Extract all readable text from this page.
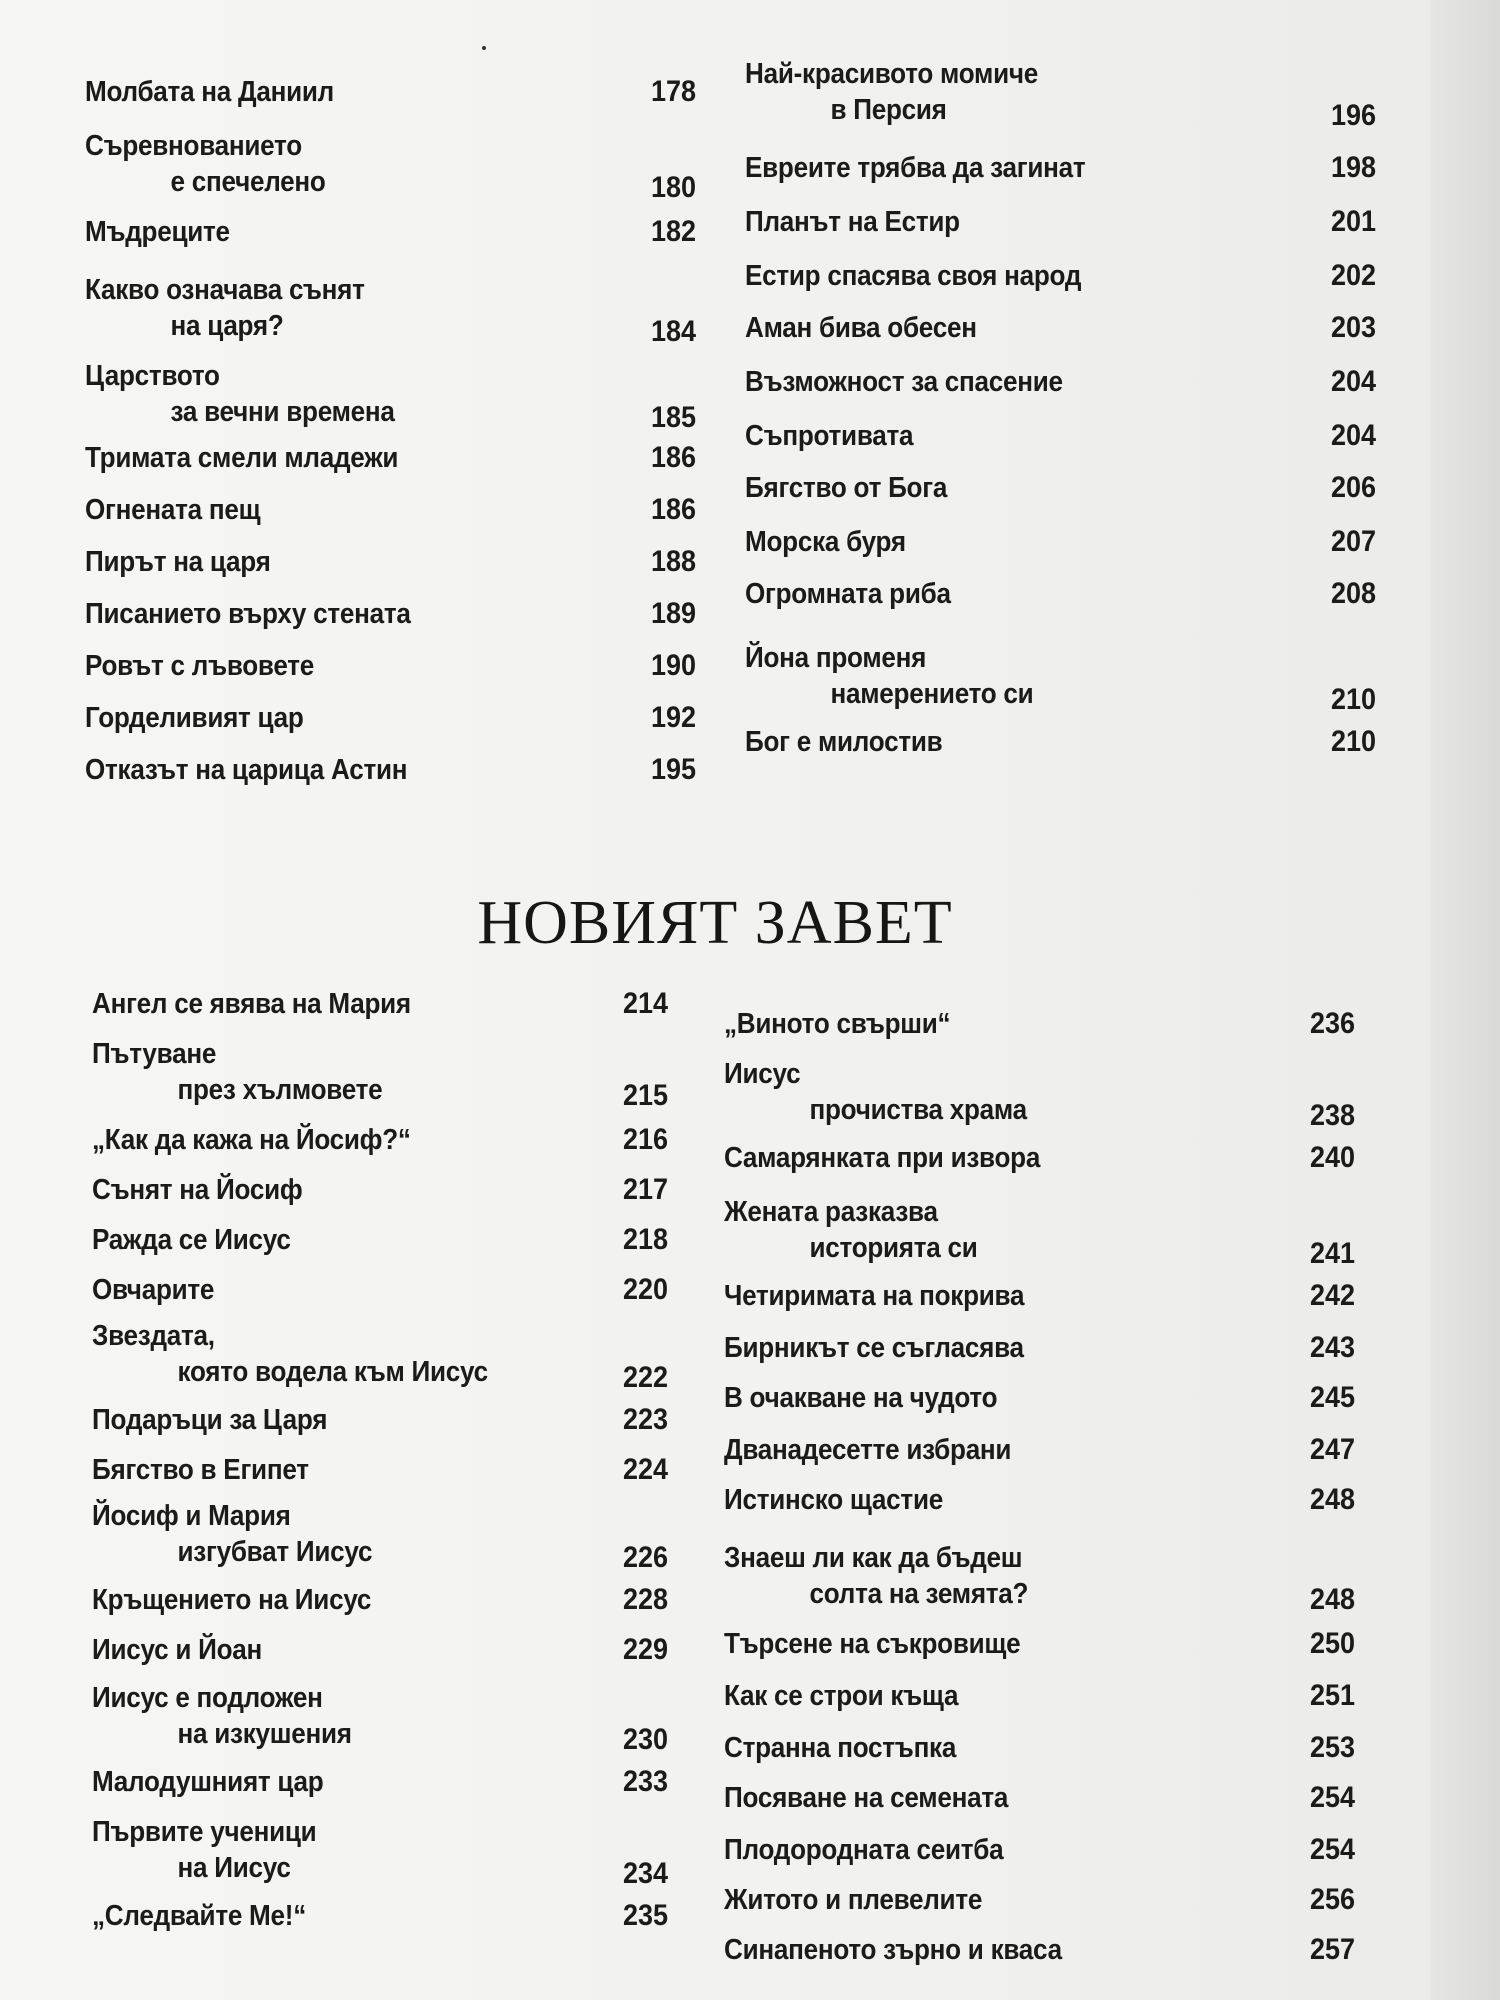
НОВИЯТ ЗАВЕТ
Молбата на Даниил	178
Съревнованието
е спечелено	180
Мъдреците	182
Какво означава сънят
на царя?	184
Царството
за вечни времена	185
Тримата смели младежи	186
Огнената пещ	186
Пирът на царя	188
Писанието върху стената	189
Ровът с лъвовете	190
Горделивият цар	192
Отказът на царица Астин	195
Най-красивото момиче
в Персия	196
Евреите трябва да загинат	198
Планът на Естир	201
Естир спасява своя народ	202
Аман бива обесен	203
Възможност за спасение	204
Съпротивата	204
Бягство от Бога	206
Морска буря	207
Огромната риба	208
Йона променя
намерението си	210
Бог е милостив	210
Ангел се явява на Мария	214
Пътуване
през хълмовете	215
„Как да кажа на Йосиф?“	216
Сънят на Йосиф	217
Ражда се Иисус	218
Овчарите	220
Звездата,
която водела към Иисус	222
Подаръци за Царя	223
Бягство в Египет	224
Йосиф и Мария
изгубват Иисус	226
Кръщението на Иисус	228
Иисус и Йоан	229
Иисус е подложен
на изкушения	230
Малодушният цар	233
Първите ученици
на Иисус	234
„Следвайте Ме!“	235
„Виното свърши“	236
Иисус
прочиства храма	238
Самарянката при извора	240
Жената разказва
историята си	241
Четиримата на покрива	242
Бирникът се съгласява	243
В очакване на чудото	245
Дванадесетте избрани	247
Истинско щастие	248
Знаеш ли как да бъдеш
солта на земята?	248
Търсене на съкровище	250
Как се строи къща	251
Странна постъпка	253
Посяване на семената	254
Плодородната сеитба	254
Житото и плевелите	256
Синапеното зърно и кваса	257
